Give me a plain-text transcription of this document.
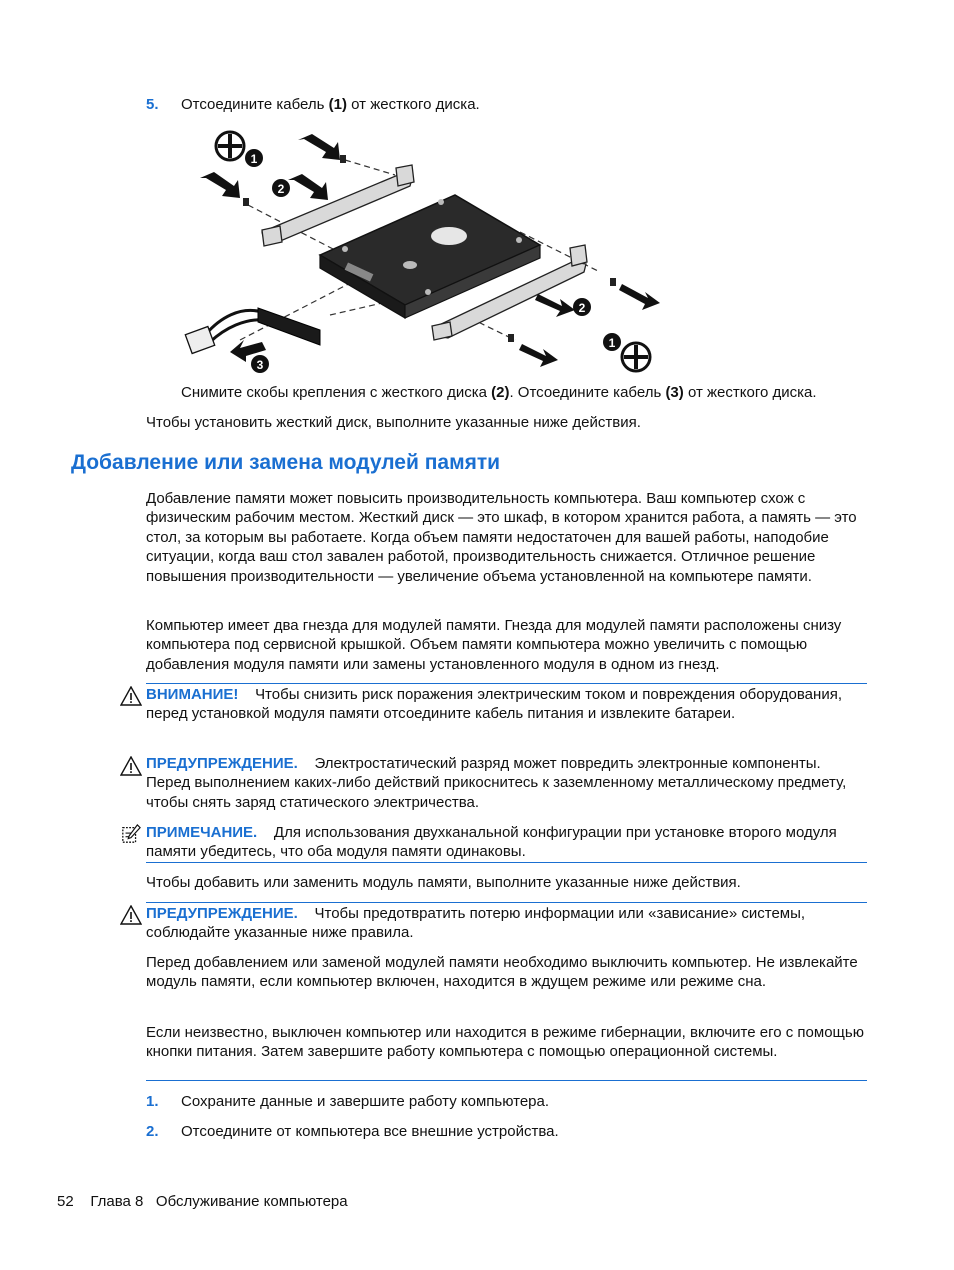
5. Отсоедините кабель (1) от жесткого диска.
1
2
3
2
1
Снимите скобы крепления с жесткого диска (2). Отсоедините кабель (3) от жесткого диска.

Чтобы установить жесткий диск, выполните указанные ниже действия.

Добавление или замена модулей памяти

Добавление памяти может повысить производительность компьютера. Ваш компьютер схож с физическим рабочим местом. Жесткий диск — это шкаф, в котором хранится работа, а память — это стол, за которым вы работаете. Когда объем памяти недостаточен для вашей работы, наподобие ситуации, когда ваш стол завален работой, производительность снижается. Отличное решение повышения производительности — увеличение объема установленной на компьютере памяти.

Компьютер имеет два гнезда для модулей памяти. Гнезда для модулей памяти расположены снизу компьютера под сервисной крышкой. Объем памяти компьютера можно увеличить с помощью добавления модуля памяти или замены установленного модуля в одном из гнезд.

ВНИМАНИЕ! Чтобы снизить риск поражения электрическим током и повреждения оборудования, перед установкой модуля памяти отсоедините кабель питания и извлеките батареи.

ПРЕДУПРЕЖДЕНИЕ. Электростатический разряд может повредить электронные компоненты. Перед выполнением каких-либо действий прикоснитесь к заземленному металлическому предмету, чтобы снять заряд статического электричества.

ПРИМЕЧАНИЕ. Для использования двухканальной конфигурации при установке второго модуля памяти убедитесь, что оба модуля памяти одинаковы.

Чтобы добавить или заменить модуль памяти, выполните указанные ниже действия.

ПРЕДУПРЕЖДЕНИЕ. Чтобы предотвратить потерю информации или «зависание» системы, соблюдайте указанные ниже правила.

Перед добавлением или заменой модулей памяти необходимо выключить компьютер. Не извлекайте модуль памяти, если компьютер включен, находится в ждущем режиме или режиме сна.

Если неизвестно, выключен компьютер или находится в режиме гибернации, включите его с помощью кнопки питания. Затем завершите работу компьютера с помощью операционной системы.

1. Сохраните данные и завершите работу компьютера.
2. Отсоедините от компьютера все внешние устройства.
52 Глава 8 Обслуживание компьютера
